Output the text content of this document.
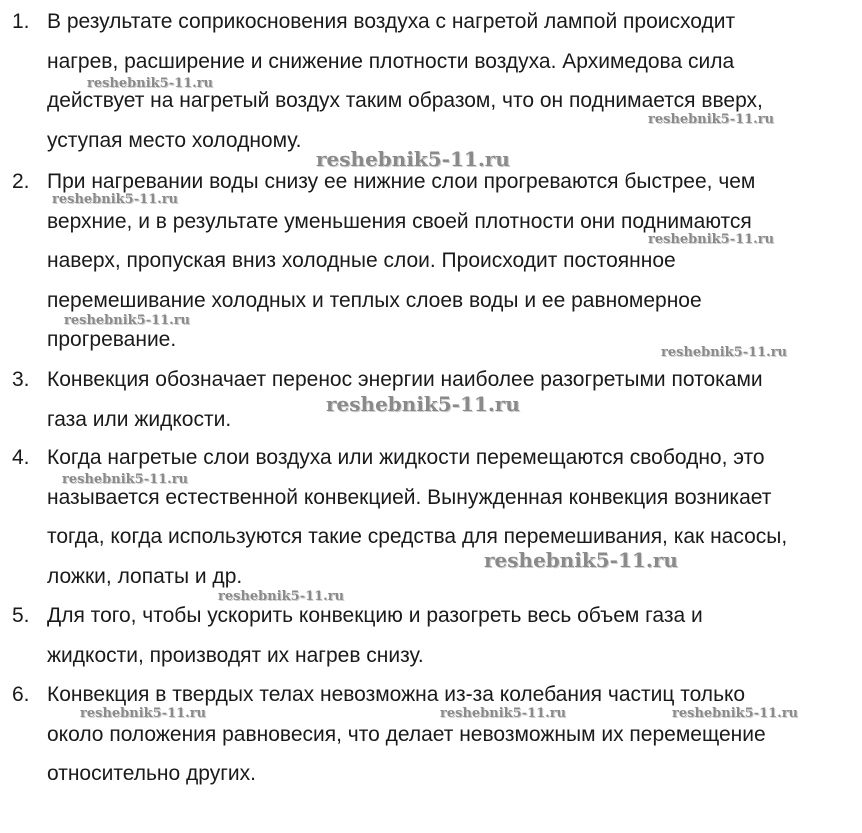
1. В результате соприкосновения воздуха с нагретой лампой происходит
нагрев, расширение и снижение плотности воздуха. Архимедова сила
действует на нагретый воздух таким образом, что он поднимается вверх,
уступая место холодному.
2. При нагревании воды снизу ее нижние слои прогреваются быстрее, чем
верхние, и в результате уменьшения своей плотности они поднимаются
наверх, пропуская вниз холодные слои. Происходит постоянное
перемешивание холодных и теплых слоев воды и ее равномерное
прогревание.
3. Конвекция обозначает перенос энергии наиболее разогретыми потоками
газа или жидкости.
4. Когда нагретые слои воздуха или жидкости перемещаются свободно, это
называется естественной конвекцией. Вынужденная конвекция возникает
тогда, когда используются такие средства для перемешивания, как насосы,
ложки, лопаты и др.
5. Для того, чтобы ускорить конвекцию и разогреть весь объем газа и
жидкости, производят их нагрев снизу.
6. Конвекция в твердых телах невозможна из-за колебания частиц только
около положения равновесия, что делает невозможным их перемещение
относительно других.
reshebnik5-11.ru
reshebnik5-11.ru
reshebnik5-11.ru
reshebnik5-11.ru
reshebnik5-11.ru
reshebnik5-11.ru
reshebnik5-11.ru
reshebnik5-11.ru
reshebnik5-11.ru
reshebnik5-11.ru
reshebnik5-11.ru
reshebnik5-11.ru	reshebnik5-11.ru	reshebnik5-11.ru
